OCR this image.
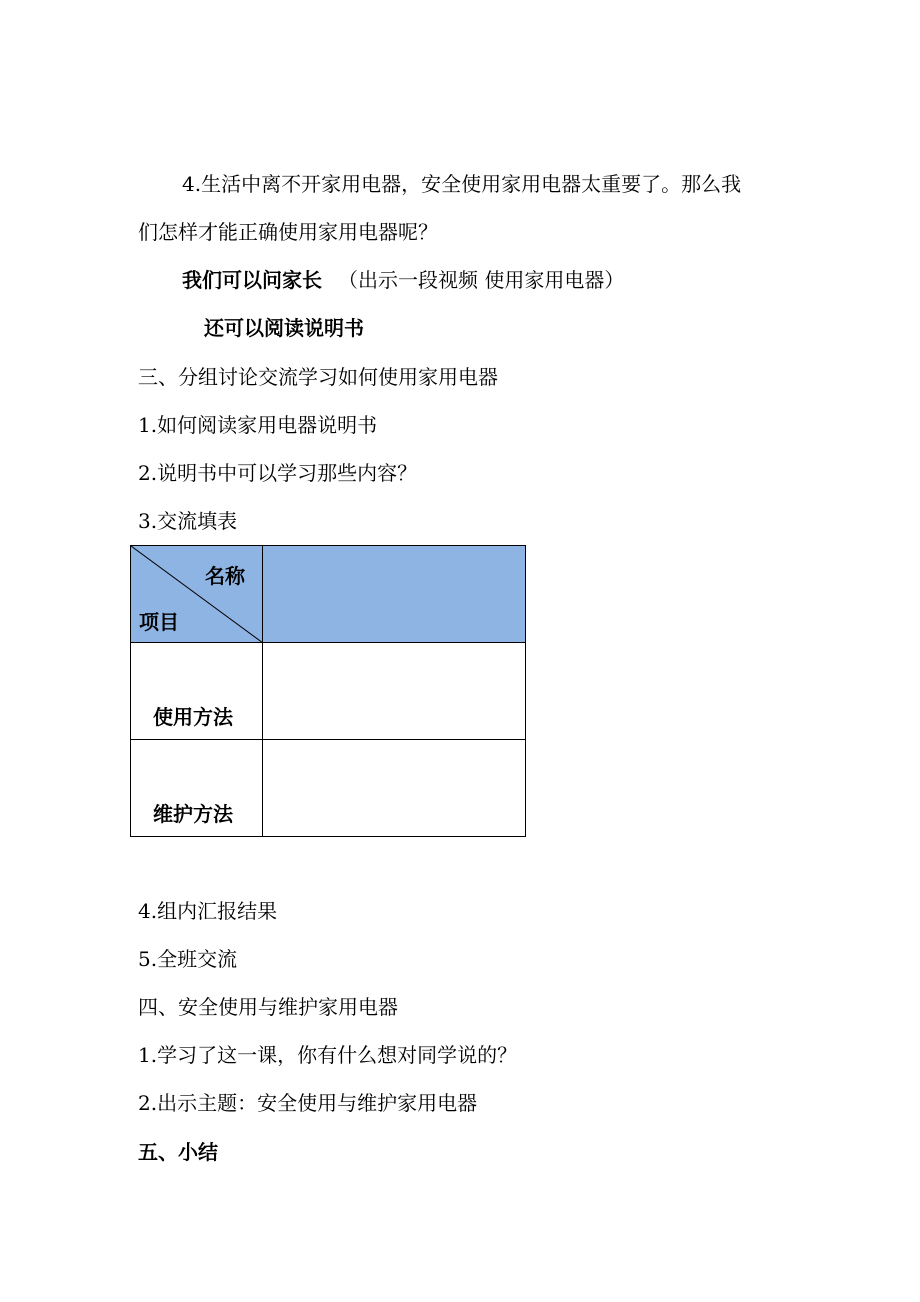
4.生活中离不开家用电器，安全使用家用电器太重要了。那么我
们怎样才能正确使用家用电器呢？
我们可以问家长 （出示一段视频 使用家用电器）
还可以阅读说明书
三、分组讨论交流学习如何使用家用电器
1.如何阅读家用电器说明书
2.说明书中可以学习那些内容？
3.交流填表
名称
项目
使用方法
维护方法
4.组内汇报结果
5.全班交流
四、安全使用与维护家用电器
1.学习了这一课，你有什么想对同学说的？
2.出示主题：安全使用与维护家用电器
五、小结
